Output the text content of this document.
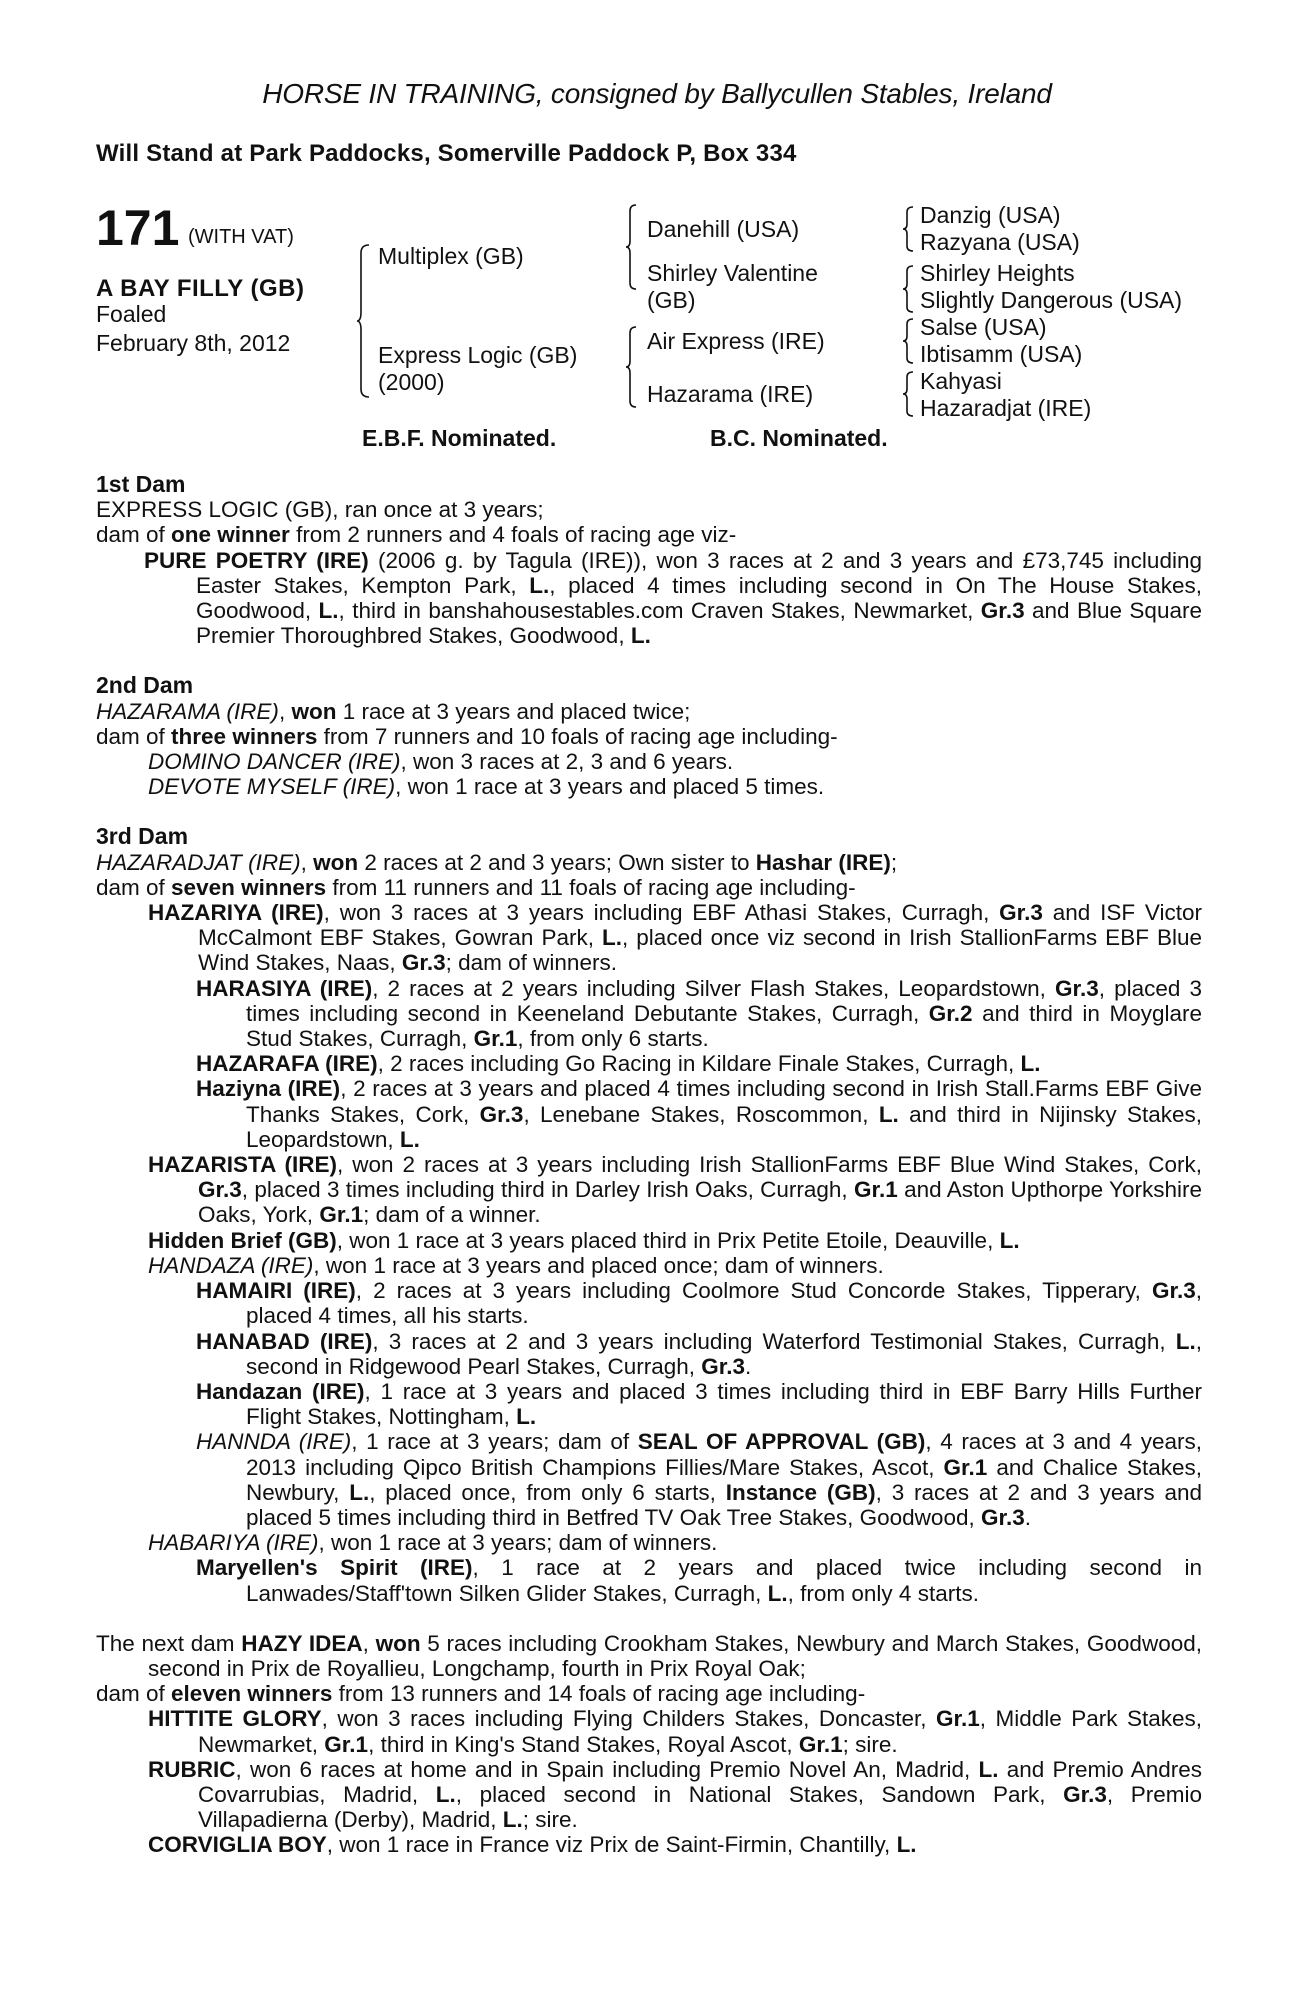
HORSE IN TRAINING, consigned by Ballycullen Stables, Ireland
Will Stand at Park Paddocks, Somerville Paddock P, Box 334
171 (WITH VAT)
A BAY FILLY (GB)
Foaled
February 8th, 2012
Multiplex (GB)
Express Logic (GB)
(2000)
Danehill (USA)
Shirley Valentine
(GB)
Air Express (IRE)
Hazarama (IRE)
Danzig (USA)
Razyana (USA)
Shirley Heights
Slightly Dangerous (USA)
Salse (USA)
Ibtisamm (USA)
Kahyasi
Hazaradjat (IRE)
E.B.F. Nominated.	B.C. Nominated.

1st Dam

EXPRESS LOGIC (GB), ran once at 3 years;

dam of one winner from 2 runners and 4 foals of racing age viz-

PURE POETRY (IRE) (2006 g. by Tagula (IRE)), won 3 races at 2 and 3 years and £73,745 including Easter Stakes, Kempton Park, L., placed 4 times including second in On The House Stakes, Goodwood, L., third in banshahousestables.com Craven Stakes, Newmarket, Gr.3 and Blue Square Premier Thoroughbred Stakes, Goodwood, L.

2nd Dam

HAZARAMA (IRE), won 1 race at 3 years and placed twice;

dam of three winners from 7 runners and 10 foals of racing age including-

DOMINO DANCER (IRE), won 3 races at 2, 3 and 6 years.

DEVOTE MYSELF (IRE), won 1 race at 3 years and placed 5 times.

3rd Dam

HAZARADJAT (IRE), won 2 races at 2 and 3 years; Own sister to Hashar (IRE);

dam of seven winners from 11 runners and 11 foals of racing age including-

HAZARIYA (IRE), won 3 races at 3 years including EBF Athasi Stakes, Curragh, Gr.3 and ISF Victor McCalmont EBF Stakes, Gowran Park, L., placed once viz second in Irish StallionFarms EBF Blue Wind Stakes, Naas, Gr.3; dam of winners.

HARASIYA (IRE), 2 races at 2 years including Silver Flash Stakes, Leopardstown, Gr.3, placed 3 times including second in Keeneland Debutante Stakes, Curragh, Gr.2 and third in Moyglare Stud Stakes, Curragh, Gr.1, from only 6 starts.

HAZARAFA (IRE), 2 races including Go Racing in Kildare Finale Stakes, Curragh, L.

Haziyna (IRE), 2 races at 3 years and placed 4 times including second in Irish Stall.Farms EBF Give Thanks Stakes, Cork, Gr.3, Lenebane Stakes, Roscommon, L. and third in Nijinsky Stakes, Leopardstown, L.

HAZARISTA (IRE), won 2 races at 3 years including Irish StallionFarms EBF Blue Wind Stakes, Cork, Gr.3, placed 3 times including third in Darley Irish Oaks, Curragh, Gr.1 and Aston Upthorpe Yorkshire Oaks, York, Gr.1; dam of a winner.

Hidden Brief (GB), won 1 race at 3 years placed third in Prix Petite Etoile, Deauville, L.

HANDAZA (IRE), won 1 race at 3 years and placed once; dam of winners.

HAMAIRI (IRE), 2 races at 3 years including Coolmore Stud Concorde Stakes, Tipperary, Gr.3, placed 4 times, all his starts.

HANABAD (IRE), 3 races at 2 and 3 years including Waterford Testimonial Stakes, Curragh, L., second in Ridgewood Pearl Stakes, Curragh, Gr.3.

Handazan (IRE), 1 race at 3 years and placed 3 times including third in EBF Barry Hills Further Flight Stakes, Nottingham, L.

HANNDA (IRE), 1 race at 3 years; dam of SEAL OF APPROVAL (GB), 4 races at 3 and 4 years, 2013 including Qipco British Champions Fillies/Mare Stakes, Ascot, Gr.1 and Chalice Stakes, Newbury, L., placed once, from only 6 starts, Instance (GB), 3 races at 2 and 3 years and placed 5 times including third in Betfred TV Oak Tree Stakes, Goodwood, Gr.3.

HABARIYA (IRE), won 1 race at 3 years; dam of winners.

Maryellen's Spirit (IRE), 1 race at 2 years and placed twice including second in Lanwades/Staff'town Silken Glider Stakes, Curragh, L., from only 4 starts.

The next dam HAZY IDEA, won 5 races including Crookham Stakes, Newbury and March Stakes, Goodwood, second in Prix de Royallieu, Longchamp, fourth in Prix Royal Oak;

dam of eleven winners from 13 runners and 14 foals of racing age including-

HITTITE GLORY, won 3 races including Flying Childers Stakes, Doncaster, Gr.1, Middle Park Stakes, Newmarket, Gr.1, third in King's Stand Stakes, Royal Ascot, Gr.1; sire.

RUBRIC, won 6 races at home and in Spain including Premio Novel An, Madrid, L. and Premio Andres Covarrubias, Madrid, L., placed second in National Stakes, Sandown Park, Gr.3, Premio Villapadierna (Derby), Madrid, L.; sire.

CORVIGLIA BOY, won 1 race in France viz Prix de Saint-Firmin, Chantilly, L.
